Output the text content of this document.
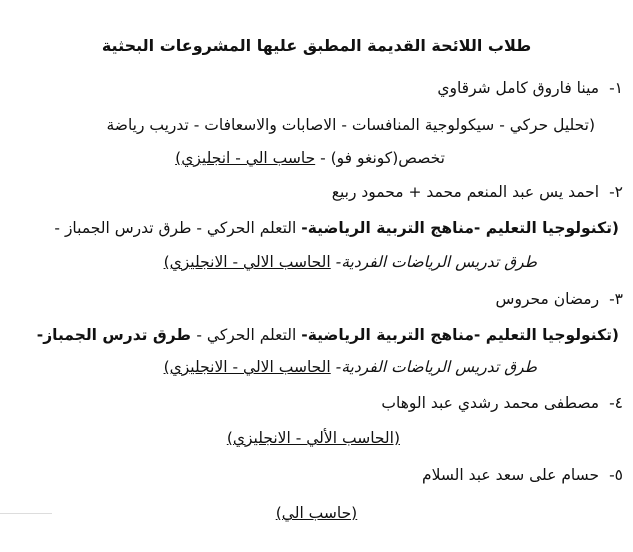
طلاب اللائحة القديمة المطبق عليها المشروعات البحثية
١-مينا فاروق كامل شرقاوي
(تحليل حركي - سيكولوجية المنافسات - الاصابات والاسعافات - تدريب رياضة
تخصص(كونغو فو) - حاسب الي - انجليزي)
٢-احمد يس عبد المنعم محمد + محمود ربيع
(تكنولوجيا التعليم -مناهج التربية الرياضية- التعلم الحركي - طرق تدرس الجمباز -
طرق تدريس الرياضات الفردية- الحاسب الالي - الانجليزي)
٣-رمضان محروس
(تكنولوجيا التعليم -مناهج التربية الرياضية- التعلم الحركي - طرق تدرس الجمباز-
طرق تدريس الرياضات الفردية- الحاسب الالي - الانجليزي)
٤-مصطفى محمد رشدي عبد الوهاب
(الحاسب الألي - الانجليزي)
٥-حسام على سعد عبد السلام
(حاسب الي)
